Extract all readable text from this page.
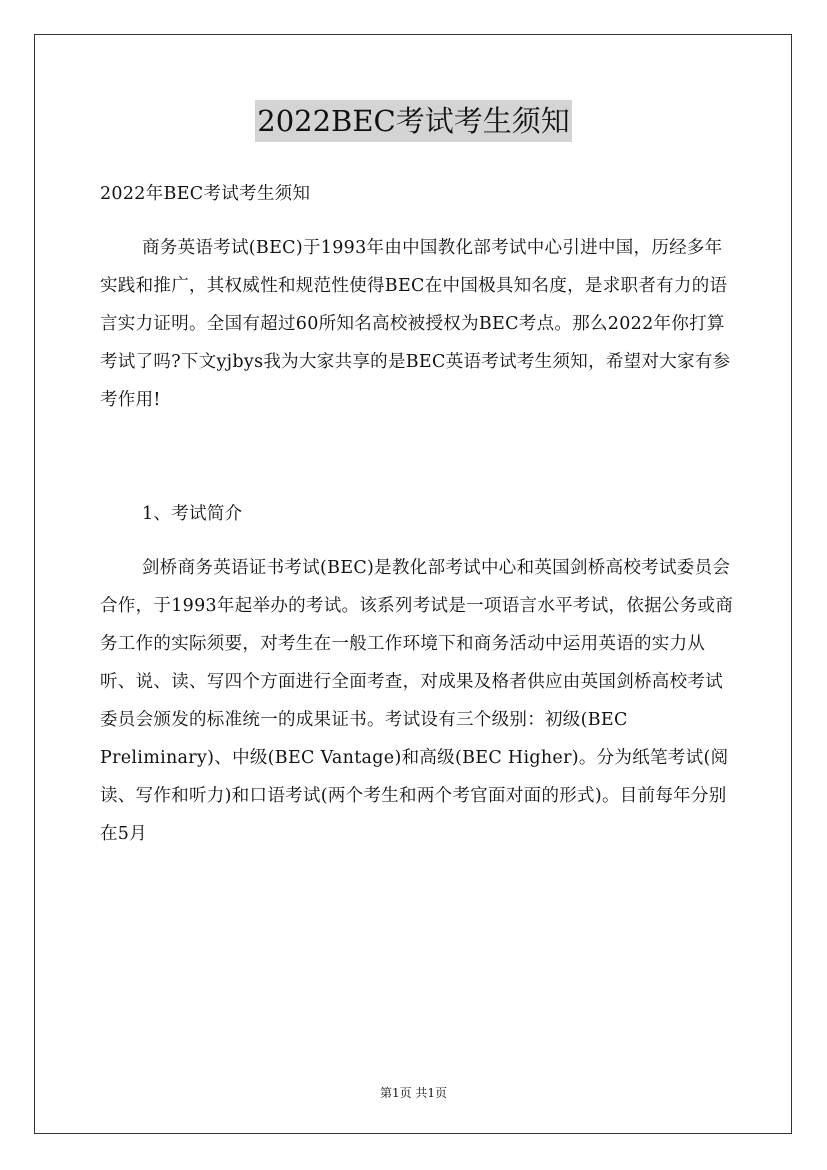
2022BEC考试考生须知

2022年BEC考试考生须知

商务英语考试(BEC)于1993年由中国教化部考试中心引进中国，历经多年实践和推广，其权威性和规范性使得BEC在中国极具知名度，是求职者有力的语言实力证明。全国有超过60所知名高校被授权为BEC考点。那么2022年你打算考试了吗?下文yjbys我为大家共享的是BEC英语考试考生须知，希望对大家有参考作用!

1、考试简介

剑桥商务英语证书考试(BEC)是教化部考试中心和英国剑桥高校考试委员会合作，于1993年起举办的考试。该系列考试是一项语言水平考试，依据公务或商务工作的实际须要，对考生在一般工作环境下和商务活动中运用英语的实力从听、说、读、写四个方面进行全面考查，对成果及格者供应由英国剑桥高校考试委员会颁发的标准统一的成果证书。考试设有三个级别：初级(BEC Preliminary)、中级(BEC Vantage)和高级(BEC Higher)。分为纸笔考试(阅读、写作和听力)和口语考试(两个考生和两个考官面对面的形式)。目前每年分别在5月

第1页 共1页
